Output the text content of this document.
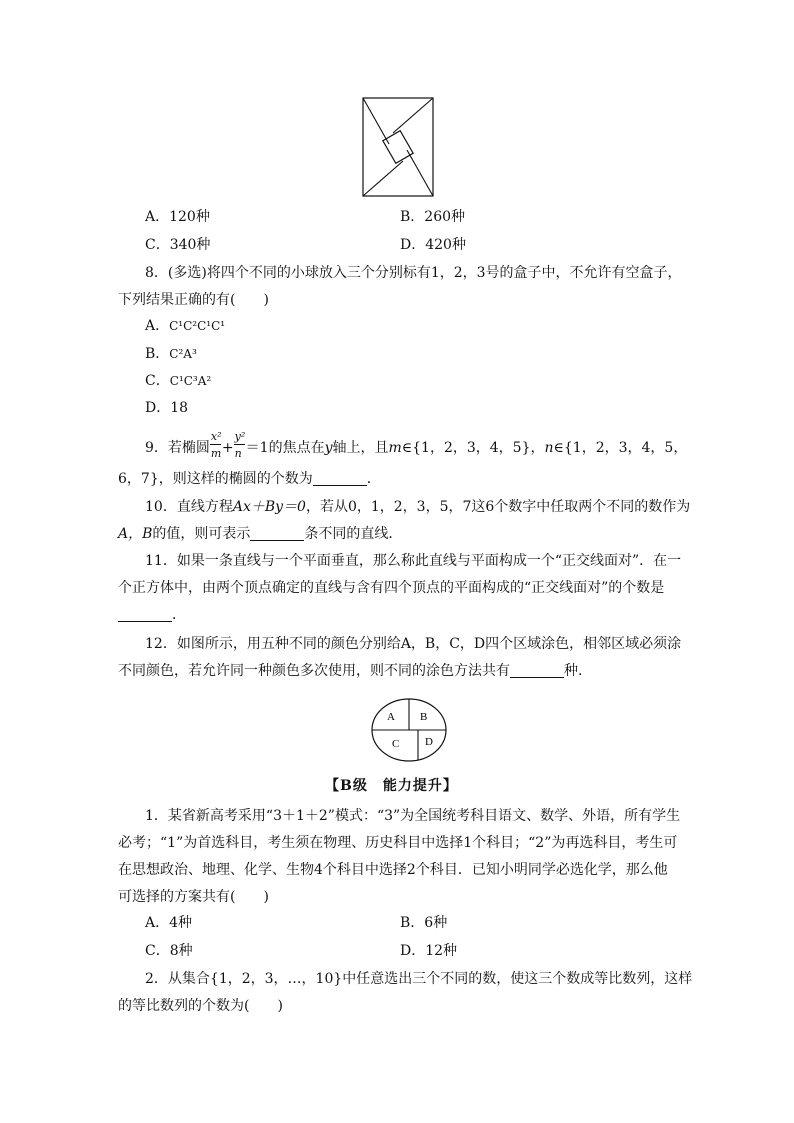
A．120种	B．260种
C．340种	D．420种
8．(多选)将四个不同的小球放入三个分别标有1，2，3号的盒子中，不允许有空盒子，
下列结果正确的有(　　)
A．C¹C²C¹C¹
B．C²A³
C．C¹C³A²
D．18
9．若椭圆 $\frac{\text{x²}}{m} + \frac{\text{y²}}{n} =1$的焦点在y轴上，且m∈{1，2，3，4，5}，n∈{1，2，3，4，5，
6，7}，则这样的椭圆的个数为	．
10．直线方程Ax＋By＝0，若从0，1，2，3，5，7这6个数字中任取两个不同的数作为
A，B的值，则可表示	条不同的直线．
11．如果一条直线与一个平面垂直，那么称此直线与平面构成一个“正交线面对”．在一
个正方体中，由两个顶点确定的直线与含有四个顶点的平面构成的“正交线面对”的个数是
．
12．如图所示，用五种不同的颜色分别给A，B，C，D四个区域涂色，相邻区域必须涂
不同颜色，若允许同一种颜色多次使用，则不同的涂色方法共有	种．
A B
C D
【B级　能力提升】
1．某省新高考采用“3＋1＋2”模式：“3”为全国统考科目语文、数学、外语，所有学生
必考；“1”为首选科目，考生须在物理、历史科目中选择1个科目；“2”为再选科目，考生可
在思想政治、地理、化学、生物4个科目中选择2个科目．已知小明同学必选化学，那么他
可选择的方案共有(　　)
A．4种	B．6种
C．8种	D．12种
2．从集合{1，2，3，…，10}中任意选出三个不同的数，使这三个数成等比数列，这样
的等比数列的个数为(　　)
